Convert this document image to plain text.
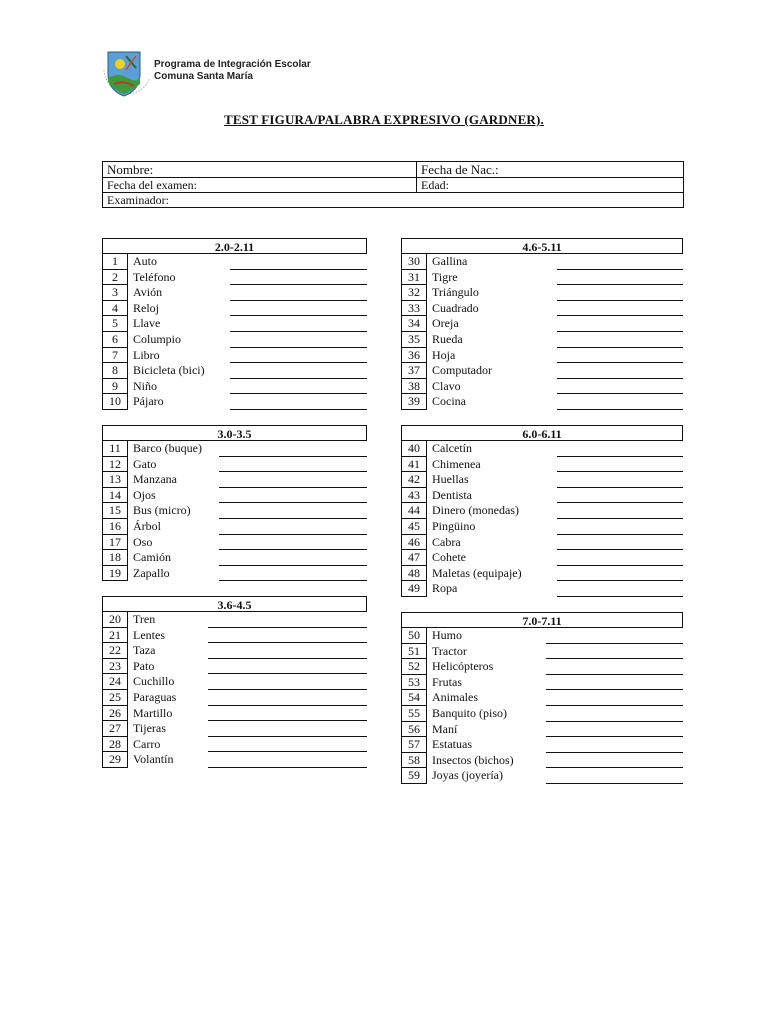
Programa de Integración Escolar
Comuna Santa María
TEST FIGURA/PALABRA EXPRESIVO (GARDNER).
Nombre:	Fecha de Nac.:
Fecha del examen:	Edad:
Examinador:	
2.0-2.11
1	Auto
2	Teléfono
3	Avión
4	Reloj
5	Llave
6	Columpio
7	Libro
8	Bicicleta (bici)
9	Niño
10	Pájaro
3.0-3.5
11	Barco (buque)
12	Gato
13	Manzana
14	Ojos
15	Bus (micro)
16	Árbol
17	Oso
18	Camión
19	Zapallo
3.6-4.5
20	Tren
21	Lentes
22	Taza
23	Pato
24	Cuchillo
25	Paraguas
26	Martillo
27	Tijeras
28	Carro
29	Volantín
4.6-5.11
30	Gallina
31	Tigre
32	Triángulo
33	Cuadrado
34	Oreja
35	Rueda
36	Hoja
37	Computador
38	Clavo
39	Cocina
6.0-6.11
40	Calcetín
41	Chimenea
42	Huellas
43	Dentista
44	Dinero (monedas)
45	Pingüino
46	Cabra
47	Cohete
48	Maletas (equipaje)
49	Ropa
7.0-7.11
50	Humo
51	Tractor
52	Helicópteros
53	Frutas
54	Animales
55	Banquito (piso)
56	Maní
57	Estatuas
58	Insectos (bichos)
59	Joyas (joyería)
